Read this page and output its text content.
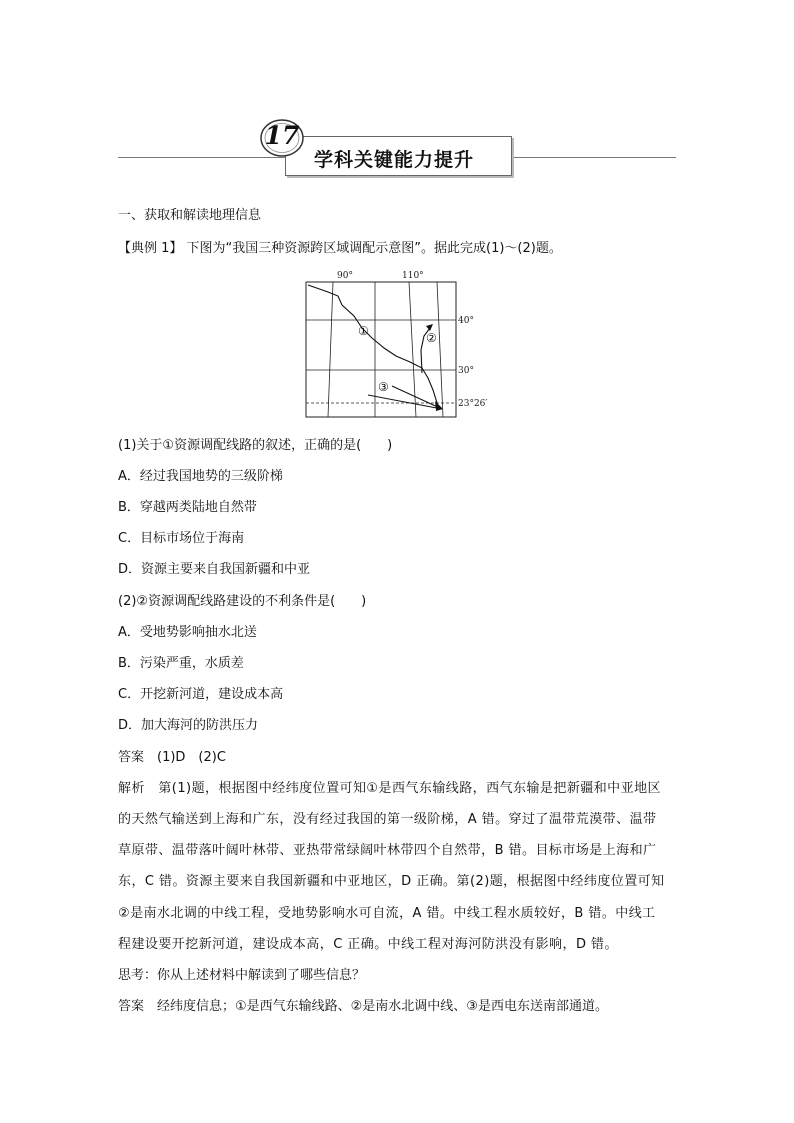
17
学科关键能力提升
一、获取和解读地理信息
【典例 1】 下图为“我国三种资源跨区域调配示意图”。据此完成(1)～(2)题。
90°	110°
40°
30°
23°26′
①	②
③
(1)关于①资源调配线路的叙述，正确的是(　　)
A．经过我国地势的三级阶梯
B．穿越两类陆地自然带
C．目标市场位于海南
D．资源主要来自我国新疆和中亚
(2)②资源调配线路建设的不利条件是(　　)
A．受地势影响抽水北送
B．污染严重，水质差
C．开挖新河道，建设成本高
D．加大海河的防洪压力
答案　(1)D　(2)C
解析　第(1)题，根据图中经纬度位置可知①是西气东输线路，西气东输是把新疆和中亚地区
的天然气输送到上海和广东，没有经过我国的第一级阶梯，A 错。穿过了温带荒漠带、温带
草原带、温带落叶阔叶林带、亚热带常绿阔叶林带四个自然带，B 错。目标市场是上海和广
东，C 错。资源主要来自我国新疆和中亚地区，D 正确。第(2)题，根据图中经纬度位置可知
②是南水北调的中线工程，受地势影响水可自流，A 错。中线工程水质较好，B 错。中线工
程建设要开挖新河道，建设成本高，C 正确。中线工程对海河防洪没有影响，D 错。
思考：你从上述材料中解读到了哪些信息？
答案　经纬度信息；①是西气东输线路、②是南水北调中线、③是西电东送南部通道。
